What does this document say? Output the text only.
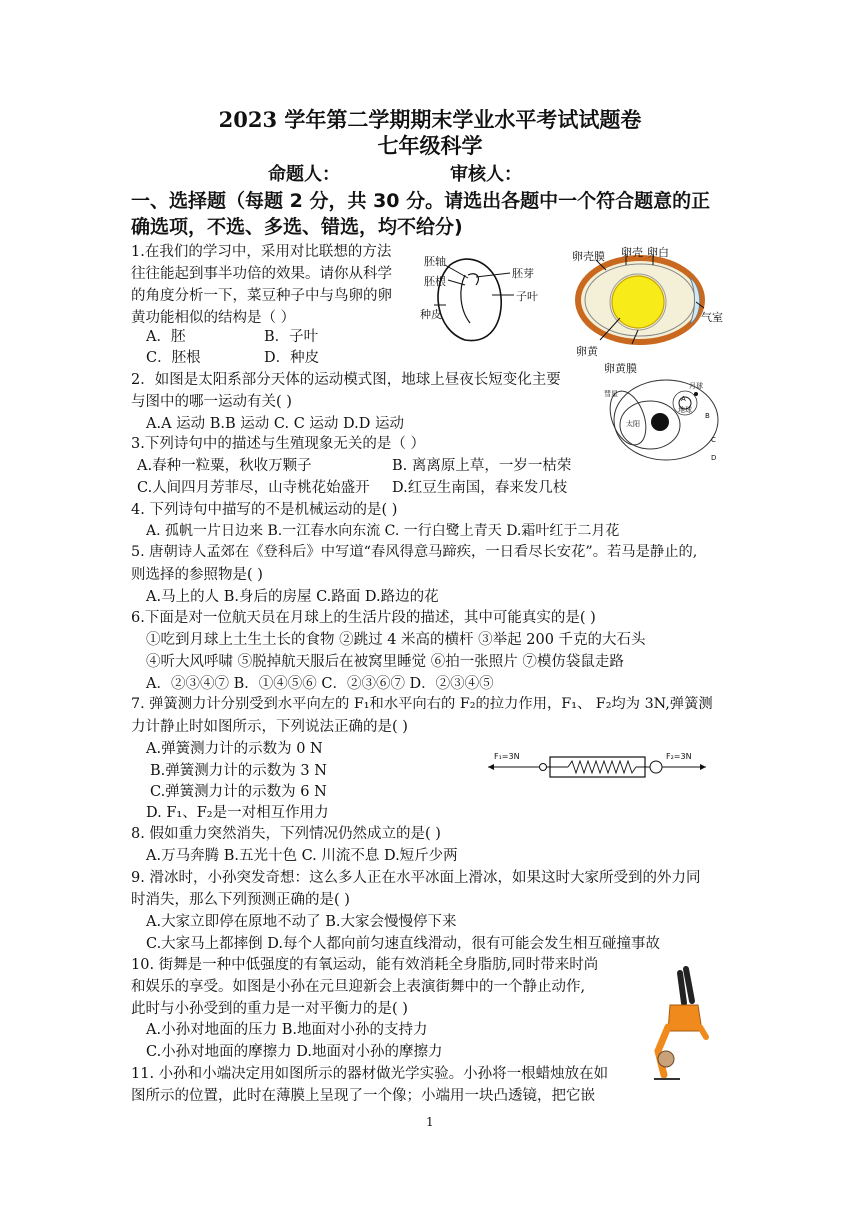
2023 学年第二学期期末学业水平考试试题卷
七年级科学
命题人：	审核人：
一、选择题（每题 2 分，共 30 分。请选出各题中一个符合题意的正
确选项，不选、多选、错选，均不给分)
1.在我们的学习中，采用对比联想的方法
往往能起到事半功倍的效果。请你从科学
的角度分析一下，菜豆种子中与鸟卵的卵
黄功能相似的结构是（ ）
A．胚	B．子叶
C．胚根	D．种皮
胚轴
胚根
胚芽
子叶
种皮
卵壳膜 卵壳 卵白
气室
卵黄
卵黄膜
2．如图是太阳系部分天体的运动模式图，地球上昼夜长短变化主要
与图中的哪一运动有关( )
A.A 运动 B.B 运动 C. C 运动 D.D 运动
彗星
月球
地球
太阳
A
B
C
D
3.下列诗句中的描述与生殖现象无关的是（ ）
A.春种一粒粟，秋收万颗子	B. 离离原上草，一岁一枯荣
C.人间四月芳菲尽，山寺桃花始盛开 D.红豆生南国，春来发几枝
4. 下列诗句中描写的不是机械运动的是( )
A. 孤帆一片日边来 B.一江春水向东流 C. 一行白鹭上青天 D.霜叶红于二月花
5. 唐朝诗人孟郊在《登科后》中写道“春风得意马蹄疾，一日看尽长安花”。若马是静止的,
则选择的参照物是( )
A.马上的人 B.身后的房屋 C.路面 D.路边的花
6.下面是对一位航天员在月球上的生活片段的描述，其中可能真实的是( )
①吃到月球上土生土长的食物 ②跳过 4 米高的横杆 ③举起 200 千克的大石头
④听大风呼啸 ⑤脱掉航天服后在被窝里睡觉 ⑥拍一张照片 ⑦模仿袋鼠走路
A．②③④⑦ B．①④⑤⑥ C．②③⑥⑦ D．②③④⑤
7. 弹簧测力计分别受到水平向左的 F₁和水平向右的 F₂的拉力作用，F₁、 F₂均为 3N,弹簧测
力计静止时如图所示，下列说法正确的是( )
A.弹簧测力计的示数为 0 N
B.弹簧测力计的示数为 3 N
C.弹簧测力计的示数为 6 N
D. F₁、F₂是一对相互作用力
F₁=3N	F₂=3N
8. 假如重力突然消失，下列情况仍然成立的是( )
A.万马奔腾 B.五光十色 C. 川流不息 D.短斤少两
9. 滑冰时，小孙突发奇想：这么多人正在水平冰面上滑冰，如果这时大家所受到的外力同
时消失，那么下列预测正确的是( )
A.大家立即停在原地不动了 B.大家会慢慢停下来
C.大家马上都摔倒 D.每个人都向前匀速直线滑动，很有可能会发生相互碰撞事故
10. 街舞是一种中低强度的有氧运动，能有效消耗全身脂肪,同时带来时尚
和娱乐的享受。如图是小孙在元旦迎新会上表演街舞中的一个静止动作,
此时与小孙受到的重力是一对平衡力的是( )
A.小孙对地面的压力 B.地面对小孙的支持力
C.小孙对地面的摩擦力 D.地面对小孙的摩擦力
11. 小孙和小端决定用如图所示的器材做光学实验。小孙将一根蜡烛放在如
图所示的位置，此时在薄膜上呈现了一个像；小端用一块凸透镜，把它嵌
1
